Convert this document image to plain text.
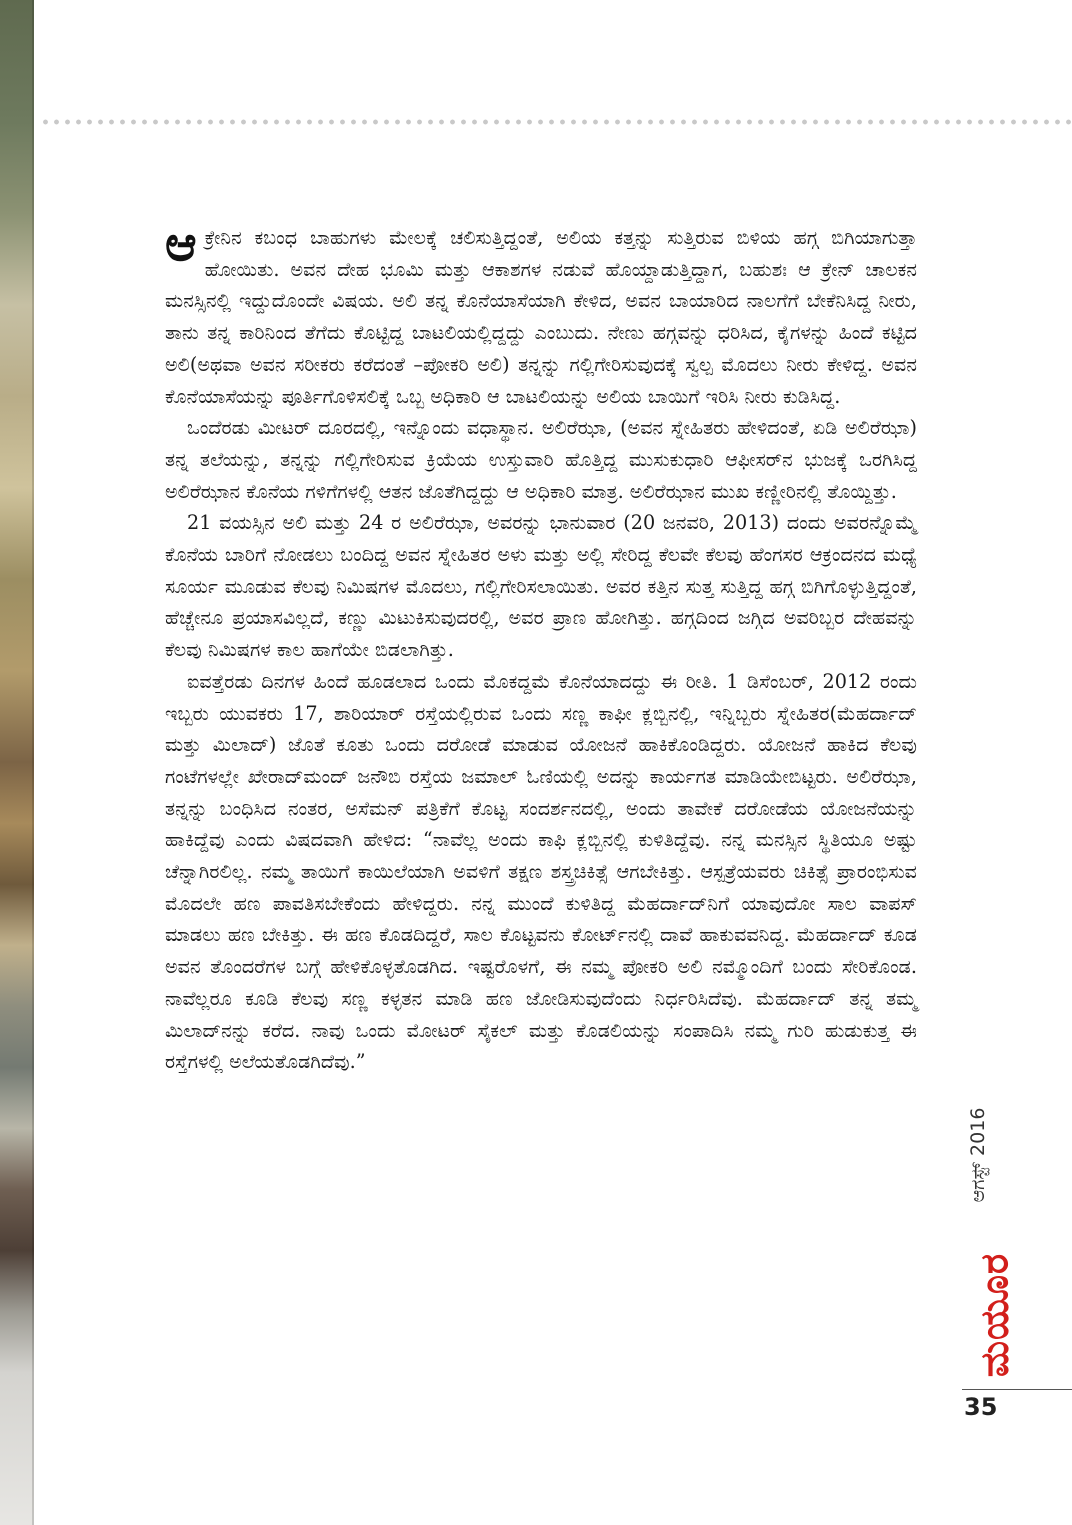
ಆಕ್ರೇನಿನ ಕಬಂಧ ಬಾಹುಗಳು ಮೇಲಕ್ಕೆ ಚಲಿಸುತ್ತಿದ್ದಂತೆ, ಅಲಿಯ ಕತ್ತನ್ನು ಸುತ್ತಿರುವ ಬಿಳಿಯ ಹಗ್ಗ ಬಿಗಿಯಾಗುತ್ತಾ ಹೋಯಿತು. ಅವನ ದೇಹ ಭೂಮಿ ಮತ್ತು ಆಕಾಶಗಳ ನಡುವೆ ಹೊಯ್ದಾಡುತ್ತಿದ್ದಾಗ, ಬಹುಶಃ ಆ ಕ್ರೇನ್ ಚಾಲಕನ ಮನಸ್ಸಿನಲ್ಲಿ ಇದ್ದುದೊಂದೇ ವಿಷಯ. ಅಲಿ ತನ್ನ ಕೊನೆಯಾಸೆಯಾಗಿ ಕೇಳಿದ, ಅವನ ಬಾಯಾರಿದ ನಾಲಗೆಗೆ ಬೇಕೆನಿಸಿದ್ದ ನೀರು, ತಾನು ತನ್ನ ಕಾರಿನಿಂದ ತೆಗೆದು ಕೊಟ್ಟಿದ್ದ ಬಾಟಲಿಯಲ್ಲಿದ್ದದ್ದು ಎಂಬುದು. ನೇಣು ಹಗ್ಗವನ್ನು ಧರಿಸಿದ, ಕೈಗಳನ್ನು ಹಿಂದೆ ಕಟ್ಟಿದ ಅಲಿ(ಅಥವಾ ಅವನ ಸರೀಕರು ಕರೆದಂತೆ –ಪೋಕರಿ ಅಲಿ) ತನ್ನನ್ನು ಗಲ್ಲಿಗೇರಿಸುವುದಕ್ಕೆ ಸ್ವಲ್ಪ ಮೊದಲು ನೀರು ಕೇಳಿದ್ದ. ಅವನ ಕೊನೆಯಾಸೆಯನ್ನು ಪೂರ್ತಿಗೊಳಿಸಲಿಕ್ಕೆ ಒಬ್ಬ ಅಧಿಕಾರಿ ಆ ಬಾಟಲಿಯನ್ನು ಅಲಿಯ ಬಾಯಿಗೆ ಇರಿಸಿ ನೀರು ಕುಡಿಸಿದ್ದ.

ಒಂದೆರಡು ಮೀಟರ್ ದೂರದಲ್ಲಿ, ಇನ್ನೊಂದು ವಧಾಸ್ಥಾನ. ಅಲಿರೆಝಾ, (ಅವನ ಸ್ನೇಹಿತರು ಹೇಳಿದಂತೆ, ಏಡಿ ಅಲಿರೆಝಾ) ತನ್ನ ತಲೆಯನ್ನು, ತನ್ನನ್ನು ಗಲ್ಲಿಗೇರಿಸುವ ಕ್ರಿಯೆಯ ಉಸ್ತುವಾರಿ ಹೊತ್ತಿದ್ದ ಮುಸುಕುಧಾರಿ ಆಫೀಸರ್‌ನ ಭುಜಕ್ಕೆ ಒರಗಿಸಿದ್ದ ಅಲಿರೆಝಾನ ಕೊನೆಯ ಗಳಿಗೆಗಳಲ್ಲಿ ಆತನ ಜೊತೆಗಿದ್ದದ್ದು ಆ ಅಧಿಕಾರಿ ಮಾತ್ರ. ಅಲಿರೆಝಾನ ಮುಖ ಕಣ್ಣೀರಿನಲ್ಲಿ ತೊಯ್ದಿತ್ತು.

21 ವಯಸ್ಸಿನ ಅಲಿ ಮತ್ತು 24 ರ ಅಲಿರೆಝಾ, ಅವರನ್ನು ಭಾನುವಾರ (20 ಜನವರಿ, 2013) ದಂದು ಅವರನ್ನೊಮ್ಮೆ ಕೊನೆಯ ಬಾರಿಗೆ ನೋಡಲು ಬಂದಿದ್ದ ಅವನ ಸ್ನೇಹಿತರ ಅಳು ಮತ್ತು ಅಲ್ಲಿ ಸೇರಿದ್ದ ಕೆಲವೇ ಕೆಲವು ಹೆಂಗಸರ ಆಕ್ರಂದನದ ಮಧ್ಯೆ ಸೂರ್ಯ ಮೂಡುವ ಕೆಲವು ನಿಮಿಷಗಳ ಮೊದಲು, ಗಲ್ಲಿಗೇರಿಸಲಾಯಿತು. ಅವರ ಕತ್ತಿನ ಸುತ್ತ ಸುತ್ತಿದ್ದ ಹಗ್ಗ ಬಿಗಿಗೊಳ್ಳುತ್ತಿದ್ದಂತೆ, ಹೆಚ್ಚೇನೂ ಪ್ರಯಾಸವಿಲ್ಲದೆ, ಕಣ್ಣು ಮಿಟುಕಿಸುವುದರಲ್ಲಿ, ಅವರ ಪ್ರಾಣ ಹೋಗಿತ್ತು. ಹಗ್ಗದಿಂದ ಜಗ್ಗಿದ ಅವರಿಬ್ಬರ ದೇಹವನ್ನು ಕೆಲವು ನಿಮಿಷಗಳ ಕಾಲ ಹಾಗೆಯೇ ಬಿಡಲಾಗಿತ್ತು.

ಐವತ್ತೆರಡು ದಿನಗಳ ಹಿಂದೆ ಹೂಡಲಾದ ಒಂದು ಮೊಕದ್ದಮೆ ಕೊನೆಯಾದದ್ದು ಈ ರೀತಿ. 1 ಡಿಸೆಂಬರ್, 2012 ರಂದು ಇಬ್ಬರು ಯುವಕರು 17, ಶಾರಿಯಾರ್ ರಸ್ತೆಯಲ್ಲಿರುವ ಒಂದು ಸಣ್ಣ ಕಾಫೀ ಕ್ಲಬ್ಬಿನಲ್ಲಿ, ಇನ್ನಿಬ್ಬರು ಸ್ನೇಹಿತರ(ಮೆಹರ್ದಾದ್ ಮತ್ತು ಮಿಲಾದ್) ಜೊತೆ ಕೂತು ಒಂದು ದರೋಡೆ ಮಾಡುವ ಯೋಜನೆ ಹಾಕಿಕೊಂಡಿದ್ದರು. ಯೋಜನೆ ಹಾಕಿದ ಕೆಲವು ಗಂಟೆಗಳಲ್ಲೇ ಖೇರಾದ್‌ಮಂದ್ ಜನೌಬಿ ರಸ್ತೆಯ ಜಮಾಲ್ ಓಣಿಯಲ್ಲಿ ಅದನ್ನು ಕಾರ್ಯಗತ ಮಾಡಿಯೇಬಿಟ್ಟರು. ಅಲಿರೆಝಾ, ತನ್ನನ್ನು ಬಂಧಿಸಿದ ನಂತರ, ಅಸೆಮನ್ ಪತ್ರಿಕೆಗೆ ಕೊಟ್ಟ ಸಂದರ್ಶನದಲ್ಲಿ, ಅಂದು ತಾವೇಕೆ ದರೋಡೆಯ ಯೋಜನೆಯನ್ನು ಹಾಕಿದ್ದೆವು ಎಂದು ವಿಷದವಾಗಿ ಹೇಳಿದ: “ನಾವೆಲ್ಲ ಅಂದು ಕಾಫಿ ಕ್ಲಬ್ಬಿನಲ್ಲಿ ಕುಳಿತಿದ್ದೆವು. ನನ್ನ ಮನಸ್ಸಿನ ಸ್ಥಿತಿಯೂ ಅಷ್ಟು ಚೆನ್ನಾಗಿರಲಿಲ್ಲ. ನಮ್ಮ ತಾಯಿಗೆ ಕಾಯಿಲೆಯಾಗಿ ಅವಳಿಗೆ ತಕ್ಷಣ ಶಸ್ತ್ರಚಿಕಿತ್ಸೆ ಆಗಬೇಕಿತ್ತು. ಆಸ್ಪತ್ರೆಯವರು ಚಿಕಿತ್ಸೆ ಪ್ರಾರಂಭಿಸುವ ಮೊದಲೇ ಹಣ ಪಾವತಿಸಬೇಕೆಂದು ಹೇಳಿದ್ದರು. ನನ್ನ ಮುಂದೆ ಕುಳಿತಿದ್ದ ಮೆಹರ್ದಾದ್‌ನಿಗೆ ಯಾವುದೋ ಸಾಲ ವಾಪಸ್ ಮಾಡಲು ಹಣ ಬೇಕಿತ್ತು. ಈ ಹಣ ಕೊಡದಿದ್ದರೆ, ಸಾಲ ಕೊಟ್ಟವನು ಕೋರ್ಟ್‌ನಲ್ಲಿ ದಾವೆ ಹಾಕುವವನಿದ್ದ. ಮೆಹರ್ದಾದ್ ಕೂಡ ಅವನ ತೊಂದರೆಗಳ ಬಗ್ಗೆ ಹೇಳಿಕೊಳ್ಳತೊಡಗಿದ. ಇಷ್ಟರೊಳಗೆ, ಈ ನಮ್ಮ ಪೋಕರಿ ಅಲಿ ನಮ್ಮೊಂದಿಗೆ ಬಂದು ಸೇರಿಕೊಂಡ. ನಾವೆಲ್ಲರೂ ಕೂಡಿ ಕೆಲವು ಸಣ್ಣ ಕಳ್ಳತನ ಮಾಡಿ ಹಣ ಜೋಡಿಸುವುದೆಂದು ನಿರ್ಧರಿಸಿದೆವು. ಮೆಹರ್ದಾದ್ ತನ್ನ ತಮ್ಮ ಮಿಲಾದ್‌ನನ್ನು ಕರೆದ. ನಾವು ಒಂದು ಮೋಟರ್ ಸೈಕಲ್ ಮತ್ತು ಕೊಡಲಿಯನ್ನು ಸಂಪಾದಿಸಿ ನಮ್ಮ ಗುರಿ ಹುಡುಕುತ್ತ ಈ ರಸ್ತೆಗಳಲ್ಲಿ ಅಲೆಯತೊಡಗಿದೆವು.”

ಆಗಸ್ಟ್ 2016
ಮಯೂರ
35
